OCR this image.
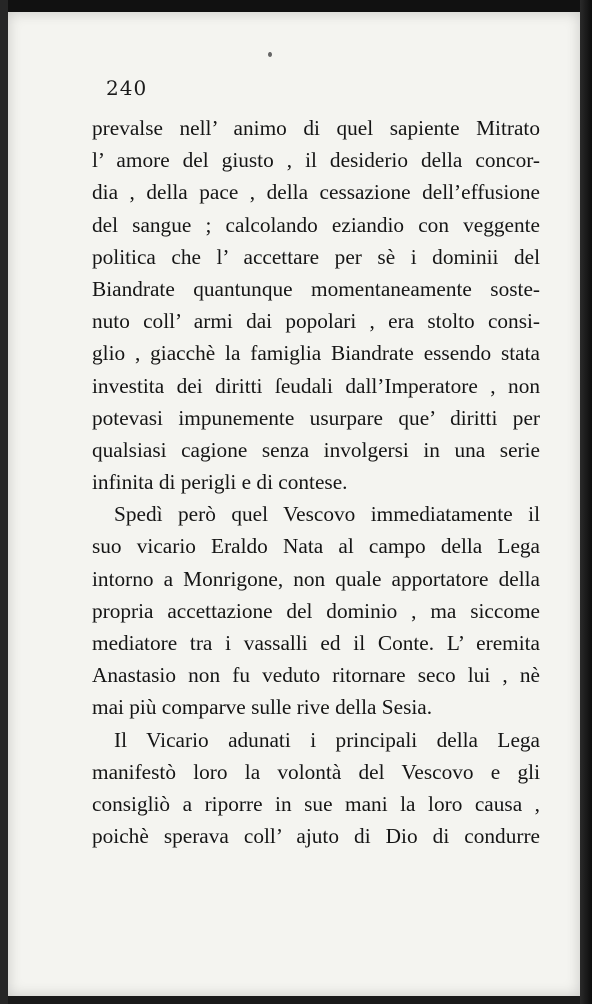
240
prevalse nell’ animo di quel sapiente Mitrato
l’ amore del giusto , il desiderio della concor-
dia , della pace , della cessazione dell’effusione
del sangue ; calcolando eziandio con veggente
politica che l’ accettare per sè i dominii del
Biandrate quantunque momentaneamente soste-
nuto coll’ armi dai popolari , era stolto consi-
glio , giacchè la famiglia Biandrate essendo stata
investita dei diritti ſeudali dall’Imperatore , non
potevasi impunemente usurpare que’ diritti per
qualsiasi cagione senza involgersi in una serie
infinita di perigli e di contese.
Spedì però quel Vescovo immediatamente il
suo vicario Eraldo Nata al campo della Lega
intorno a Monrigone, non quale apportatore della
propria accettazione del dominio , ma siccome
mediatore tra i vassalli ed il Conte. L’ eremita
Anastasio non fu veduto ritornare seco lui , nè
mai più comparve sulle rive della Sesia.
Il Vicario adunati i principali della Lega
manifestò loro la volontà del Vescovo e gli
consigliò a riporre in sue mani la loro causa ,
poichè sperava coll’ ajuto di Dio di condurre
